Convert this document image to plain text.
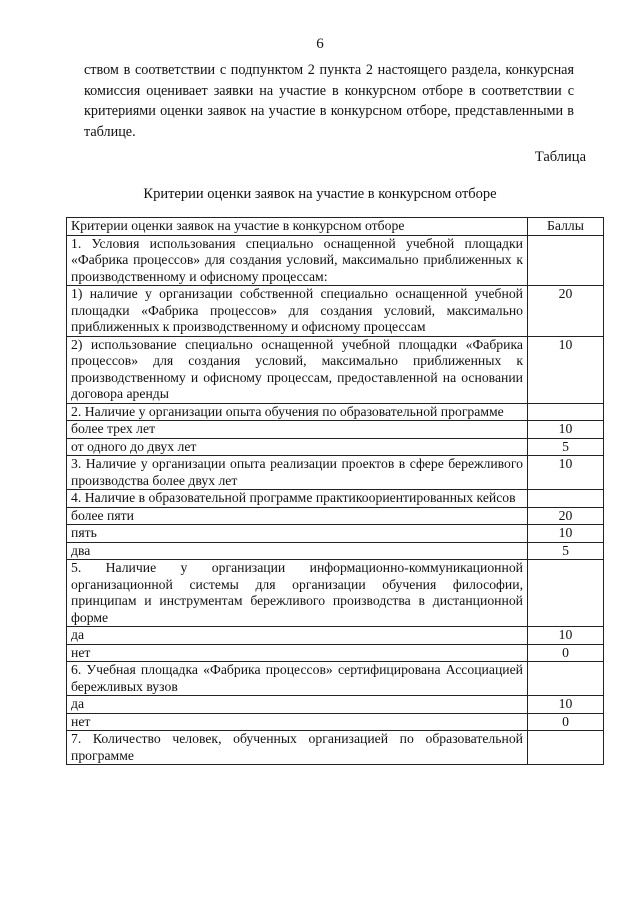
6
ством в соответствии с подпунктом 2 пункта 2 настоящего раздела, конкурсная комиссия оценивает заявки на участие в конкурсном отборе в соответствии с критериями оценки заявок на участие в конкурсном отборе, представленными в таблице.
Таблица
Критерии оценки заявок на участие в конкурсном отборе
Критерии оценки заявок на участие в конкурсном отборе	Баллы
1. Условия использования специально оснащенной учебной площадки «Фабрика процессов» для создания условий, максимально приближенных к производственному и офисному процессам:	
1) наличие у организации собственной специально оснащенной учебной площадки «Фабрика процессов» для создания условий, максимально приближенных к производственному и офисному процессам	20
2) использование специально оснащенной учебной площадки «Фабрика процессов» для создания условий, максимально приближенных к производственному и офисному процессам, предоставленной на основании договора аренды	10
2. Наличие у организации опыта обучения по образовательной программе	
более трех лет	10
от одного до двух лет	5
3. Наличие у организации опыта реализации проектов в сфере бережливого производства более двух лет	10
4. Наличие в образовательной программе практикоориентированных кейсов	
более пяти	20
пять	10
два	5
5. Наличие у организации информационно-коммуникационной организационной системы для организации обучения философии, принципам и инструментам бережливого производства в дистанционной форме	
да	10
нет	0
6. Учебная площадка «Фабрика процессов» сертифицирована Ассоциацией бережливых вузов	
да	10
нет	0
7. Количество человек, обученных организацией по образовательной программе	
